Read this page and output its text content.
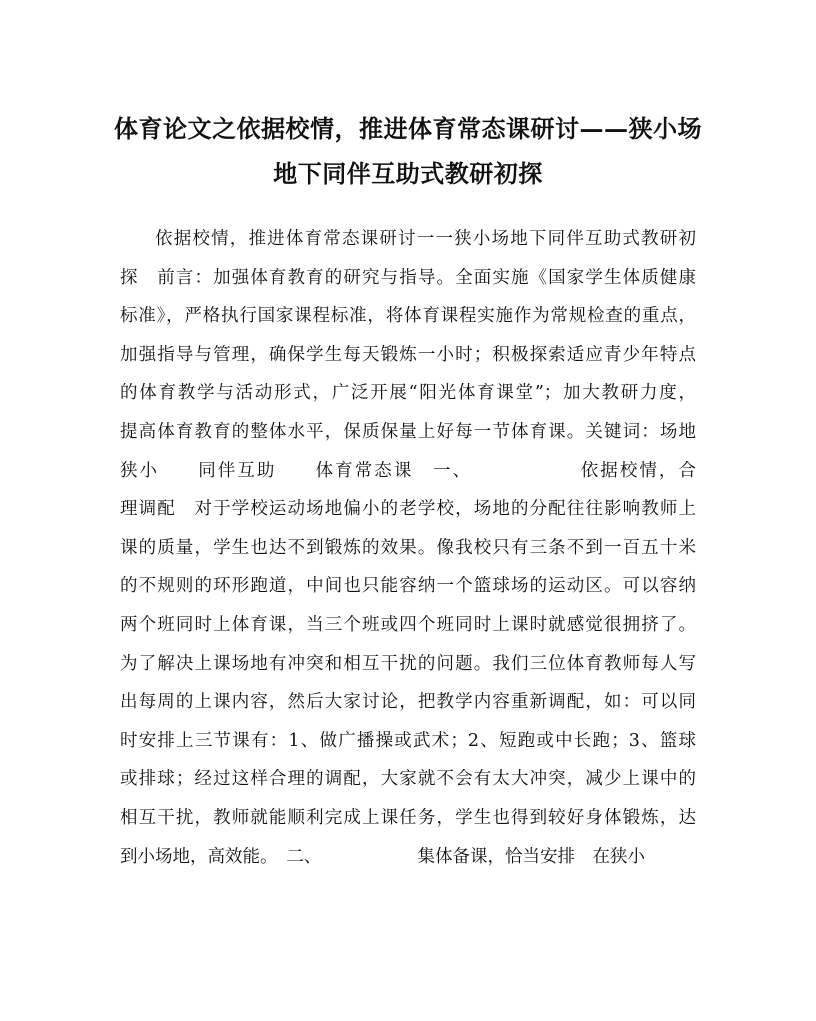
体育论文之依据校情，推进体育常态课研讨——狭小场
地下同伴互助式教研初探
依据校情，推进体育常态课研讨一一狭小场地下同伴互助式教研初
探　前言：加强体育教育的研究与指导。全面实施《国家学生体质健康
标准》，严格执行国家课程标准，将体育课程实施作为常规检查的重点，
加强指导与管理，确保学生每天锻炼一小时；积极探索适应青少年特点
的体育教学与活动形式，广泛开展“阳光体育课堂”；加大教研力度，
提高体育教育的整体水平，保质保量上好每一节体育课。关键词：场地
狭小　　同伴互助　　体育常态课　一、　　　　　　依据校情，合
理调配　对于学校运动场地偏小的老学校，场地的分配往往影响教师上
课的质量，学生也达不到锻炼的效果。像我校只有三条不到一百五十米
的不规则的环形跑道，中间也只能容纳一个篮球场的运动区。可以容纳
两个班同时上体育课，当三个班或四个班同时上课时就感觉很拥挤了。
为了解决上课场地有冲突和相互干扰的问题。我们三位体育教师每人写
出每周的上课内容，然后大家讨论，把教学内容重新调配，如：可以同
时安排上三节课有：1、做广播操或武术；2、短跑或中长跑；3、篮球
或排球；经过这样合理的调配，大家就不会有太大冲突，减少上课中的
相互干扰，教师就能顺利完成上课任务，学生也得到较好身体锻炼，达
到小场地，高效能。　二、　　　　　　集体备课，恰当安排　在狭小
